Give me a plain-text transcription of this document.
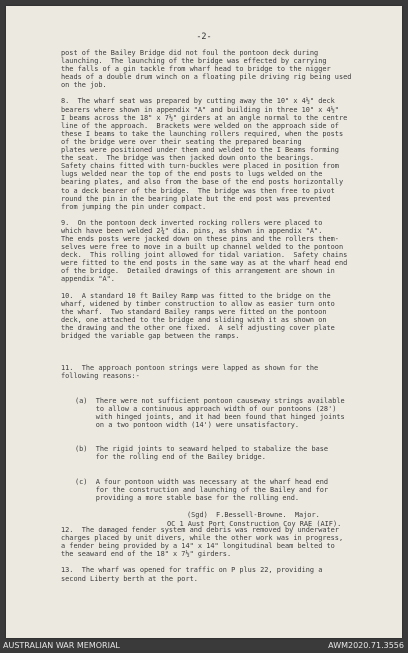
-2-

post of the Bailey Bridge did not foul the pontoon deck during
launching.  The launching of the bridge was effected by carrying
the falls of a gin tackle from wharf head to bridge to the nigger
heads of a double drum winch on a floating pile driving rig being used
on the job.

8.  The wharf seat was prepared by cutting away the 10" x 4½" deck
bearers where shown in appendix "A" and building in three 10" x 4½"
I beams across the 18" x 7½" girders at an angle normal to the centre
line of the approach.  Brackets were welded on the approach side of
these I beams to take the launching rollers required, when the posts
of the bridge were over their seating the prepared bearing
plates were positioned under them and welded to the I Beams forming
the seat.  The bridge was then jacked down onto the bearings.
Safety chains fitted with turn-buckles were placed in position from
lugs welded near the top of the end posts to lugs welded on the
bearing plates, and also from the base of the end posts horizontally
to a deck bearer of the bridge.  The bridge was then free to pivot
round the pin in the bearing plate but the end post was prevented
from jumping the pin under compact.

9.  On the pontoon deck inverted rocking rollers were placed to
which have been welded 2¾" dia. pins, as shown in appendix "A".
The ends posts were jacked down on these pins and the rollers them-
selves were free to move in a built up channel welded to the pontoon
deck.  This rolling joint allowed for tidal variation.  Safety chains
were fitted to the end posts in the same way as at the wharf head end
of the bridge.  Detailed drawings of this arrangement are shown in
appendix "A".

10.  A standard 10 ft Bailey Ramp was fitted to the bridge on the
wharf, widened by timber construction to allow as easier turn onto
the wharf.  Two standard Bailey ramps were fitted on the pontoon
deck, one attached to the bridge and sliding with it as shown on
the drawing and the other one fixed.  A self adjusting cover plate
bridged the variable gap between the ramps.

11.  The approach pontoon strings were lapped as shown for the
following reasons:-

(a)  There were not sufficient pontoon causeway strings available
to allow a continuous approach width of our pontoons (28')
with hinged joints, and it had been found that hinged joints
on a two pontoon width (14') were unsatisfactory.

(b)  The rigid joints to seaward helped to stabalize the base
for the rolling end of the Bailey bridge.

(c)  A four pontoon width was necessary at the wharf head end
for the construction and launching of the Bailey and for
providing a more stable base for the rolling end.

12.  The damaged fender system and debris was removed by underwater
charges placed by unit divers, while the other work was in progress,
a fender being provided by a 14" x 14" longitudinal beam belted to
the seaward end of the 18" x 7½" girders.

13.  The wharf was opened for traffic on P plus 22, providing a
second Liberty berth at the port.

(Sgd)  F.Bessell-Browne.  Major.
OC 1 Aust Port Construction Coy RAE (AIF).
AUSTRALIAN WAR MEMORIAL	AWM2020.71.3556
